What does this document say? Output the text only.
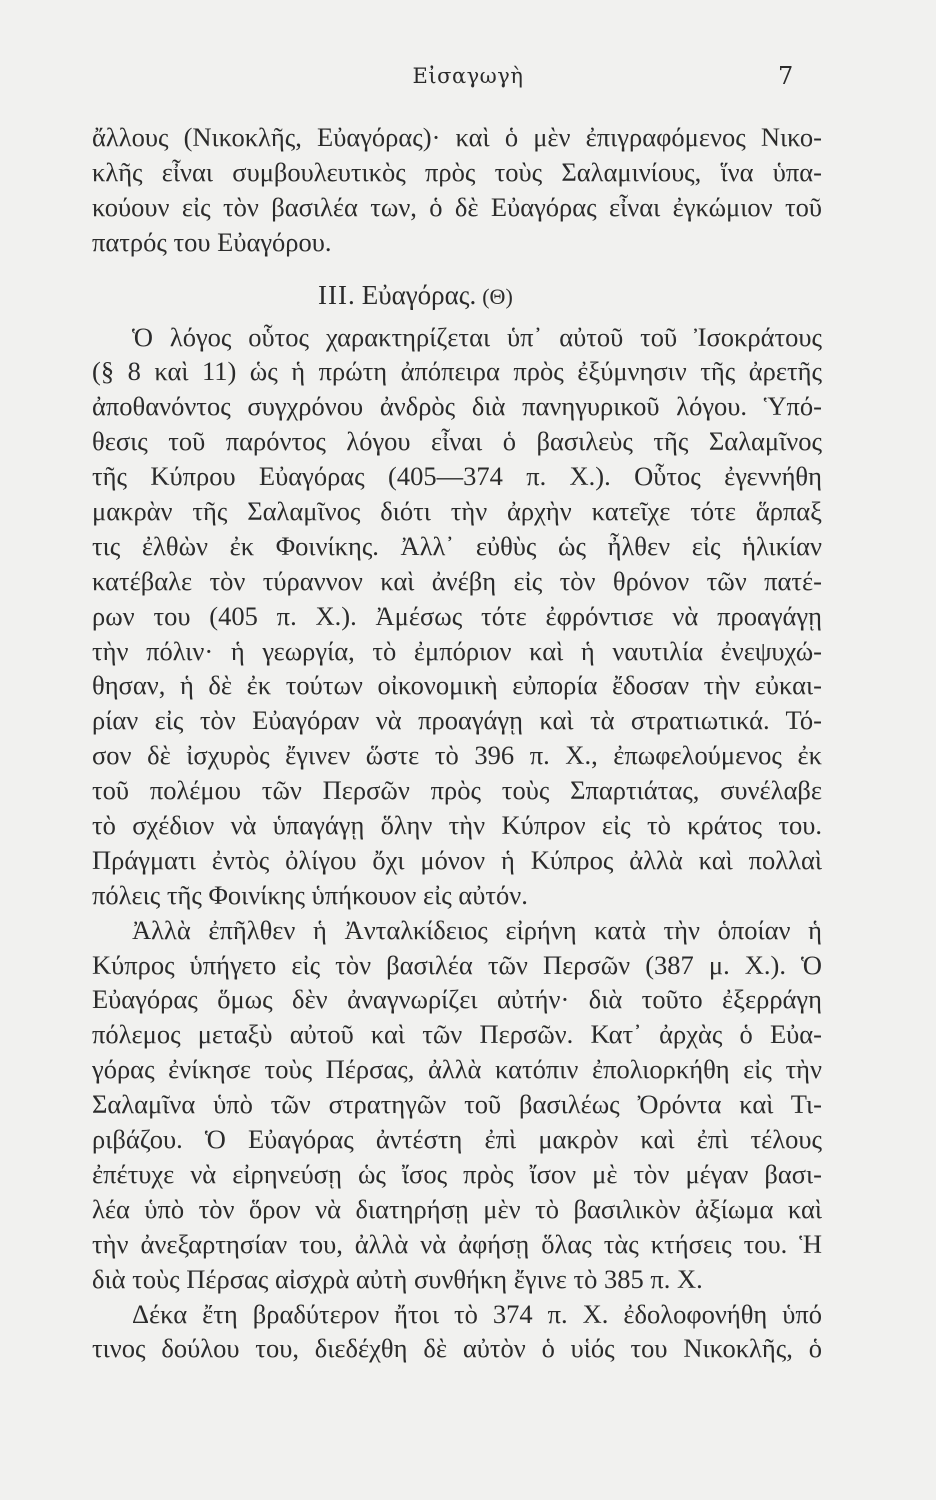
Εἰσαγωγὴ	7
ἄλλους (Νικοκλῆς, Εὐαγόρας)· καὶ ὁ μὲν ἐπιγραφόμενος Νικο-
κλῆς εἶναι συμβουλευτικὸς πρὸς τοὺς Σαλαμινίους, ἵνα ὑπα-
κούουν εἰς τὸν βασιλέα των, ὁ δὲ Εὐαγόρας εἶναι ἐγκώμιον τοῦ
πατρός του Εὐαγόρου.
III. Εὐαγόρας. (Θ)
Ὁ λόγος οὗτος χαρακτηρίζεται ὑπ᾽ αὐτοῦ τοῦ Ἰσοκράτους
(§ 8 καὶ 11) ὡς ἡ πρώτη ἀπόπειρα πρὸς ἐξύμνησιν τῆς ἀρετῆς
ἀποθανόντος συγχρόνου ἀνδρὸς διὰ πανηγυρικοῦ λόγου. Ὑπό-
θεσις τοῦ παρόντος λόγου εἶναι ὁ βασιλεὺς τῆς Σαλαμῖνος
τῆς Κύπρου Εὐαγόρας (405—374 π. Χ.). Οὗτος ἐγεννήθη
μακρὰν τῆς Σαλαμῖνος διότι τὴν ἀρχὴν κατεῖχε τότε ἅρπαξ
τις ἐλθὼν ἐκ Φοινίκης. Ἀλλ᾽ εὐθὺς ὡς ἦλθεν εἰς ἡλικίαν
κατέβαλε τὸν τύραννον καὶ ἀνέβη εἰς τὸν θρόνον τῶν πατέ-
ρων του (405 π. Χ.). Ἀμέσως τότε ἐφρόντισε νὰ προαγάγῃ
τὴν πόλιν· ἡ γεωργία, τὸ ἐμπόριον καὶ ἡ ναυτιλία ἐνεψυχώ-
θησαν, ἡ δὲ ἐκ τούτων οἰκονομικὴ εὐπορία ἔδοσαν τὴν εὐκαι-
ρίαν εἰς τὸν Εὐαγόραν νὰ προαγάγῃ καὶ τὰ στρατιωτικά. Τό-
σον δὲ ἰσχυρὸς ἔγινεν ὥστε τὸ 396 π. Χ., ἐπωφελούμενος ἐκ
τοῦ πολέμου τῶν Περσῶν πρὸς τοὺς Σπαρτιάτας, συνέλαβε
τὸ σχέδιον νὰ ὑπαγάγῃ ὅλην τὴν Κύπρον εἰς τὸ κράτος του.
Πράγματι ἐντὸς ὀλίγου ὄχι μόνον ἡ Κύπρος ἀλλὰ καὶ πολλαὶ
πόλεις τῆς Φοινίκης ὑπήκουον εἰς αὐτόν.
Ἀλλὰ ἐπῆλθεν ἡ Ἀνταλκίδειος εἰρήνη κατὰ τὴν ὁποίαν ἡ
Κύπρος ὑπήγετο εἰς τὸν βασιλέα τῶν Περσῶν (387 μ. Χ.). Ὁ
Εὐαγόρας ὅμως δὲν ἀναγνωρίζει αὐτήν· διὰ τοῦτο ἐξερράγη
πόλεμος μεταξὺ αὐτοῦ καὶ τῶν Περσῶν. Κατ᾽ ἀρχὰς ὁ Εὐα-
γόρας ἐνίκησε τοὺς Πέρσας, ἀλλὰ κατόπιν ἐπολιορκήθη εἰς τὴν
Σαλαμῖνα ὑπὸ τῶν στρατηγῶν τοῦ βασιλέως Ὀρόντα καὶ Τι-
ριβάζου. Ὁ Εὐαγόρας ἀντέστη ἐπὶ μακρὸν καὶ ἐπὶ τέλους
ἐπέτυχε νὰ εἰρηνεύσῃ ὡς ἴσος πρὸς ἴσον μὲ τὸν μέγαν βασι-
λέα ὑπὸ τὸν ὅρον νὰ διατηρήσῃ μὲν τὸ βασιλικὸν ἀξίωμα καὶ
τὴν ἀνεξαρτησίαν του, ἀλλὰ νὰ ἀφήσῃ ὅλας τὰς κτήσεις του. Ἡ
διὰ τοὺς Πέρσας αἰσχρὰ αὐτὴ συνθήκη ἔγινε τὸ 385 π. Χ.
Δέκα ἔτη βραδύτερον ἤτοι τὸ 374 π. Χ. ἐδολοφονήθη ὑπό
τινος δούλου του, διεδέχθη δὲ αὐτὸν ὁ υἱός του Νικοκλῆς, ὁ
